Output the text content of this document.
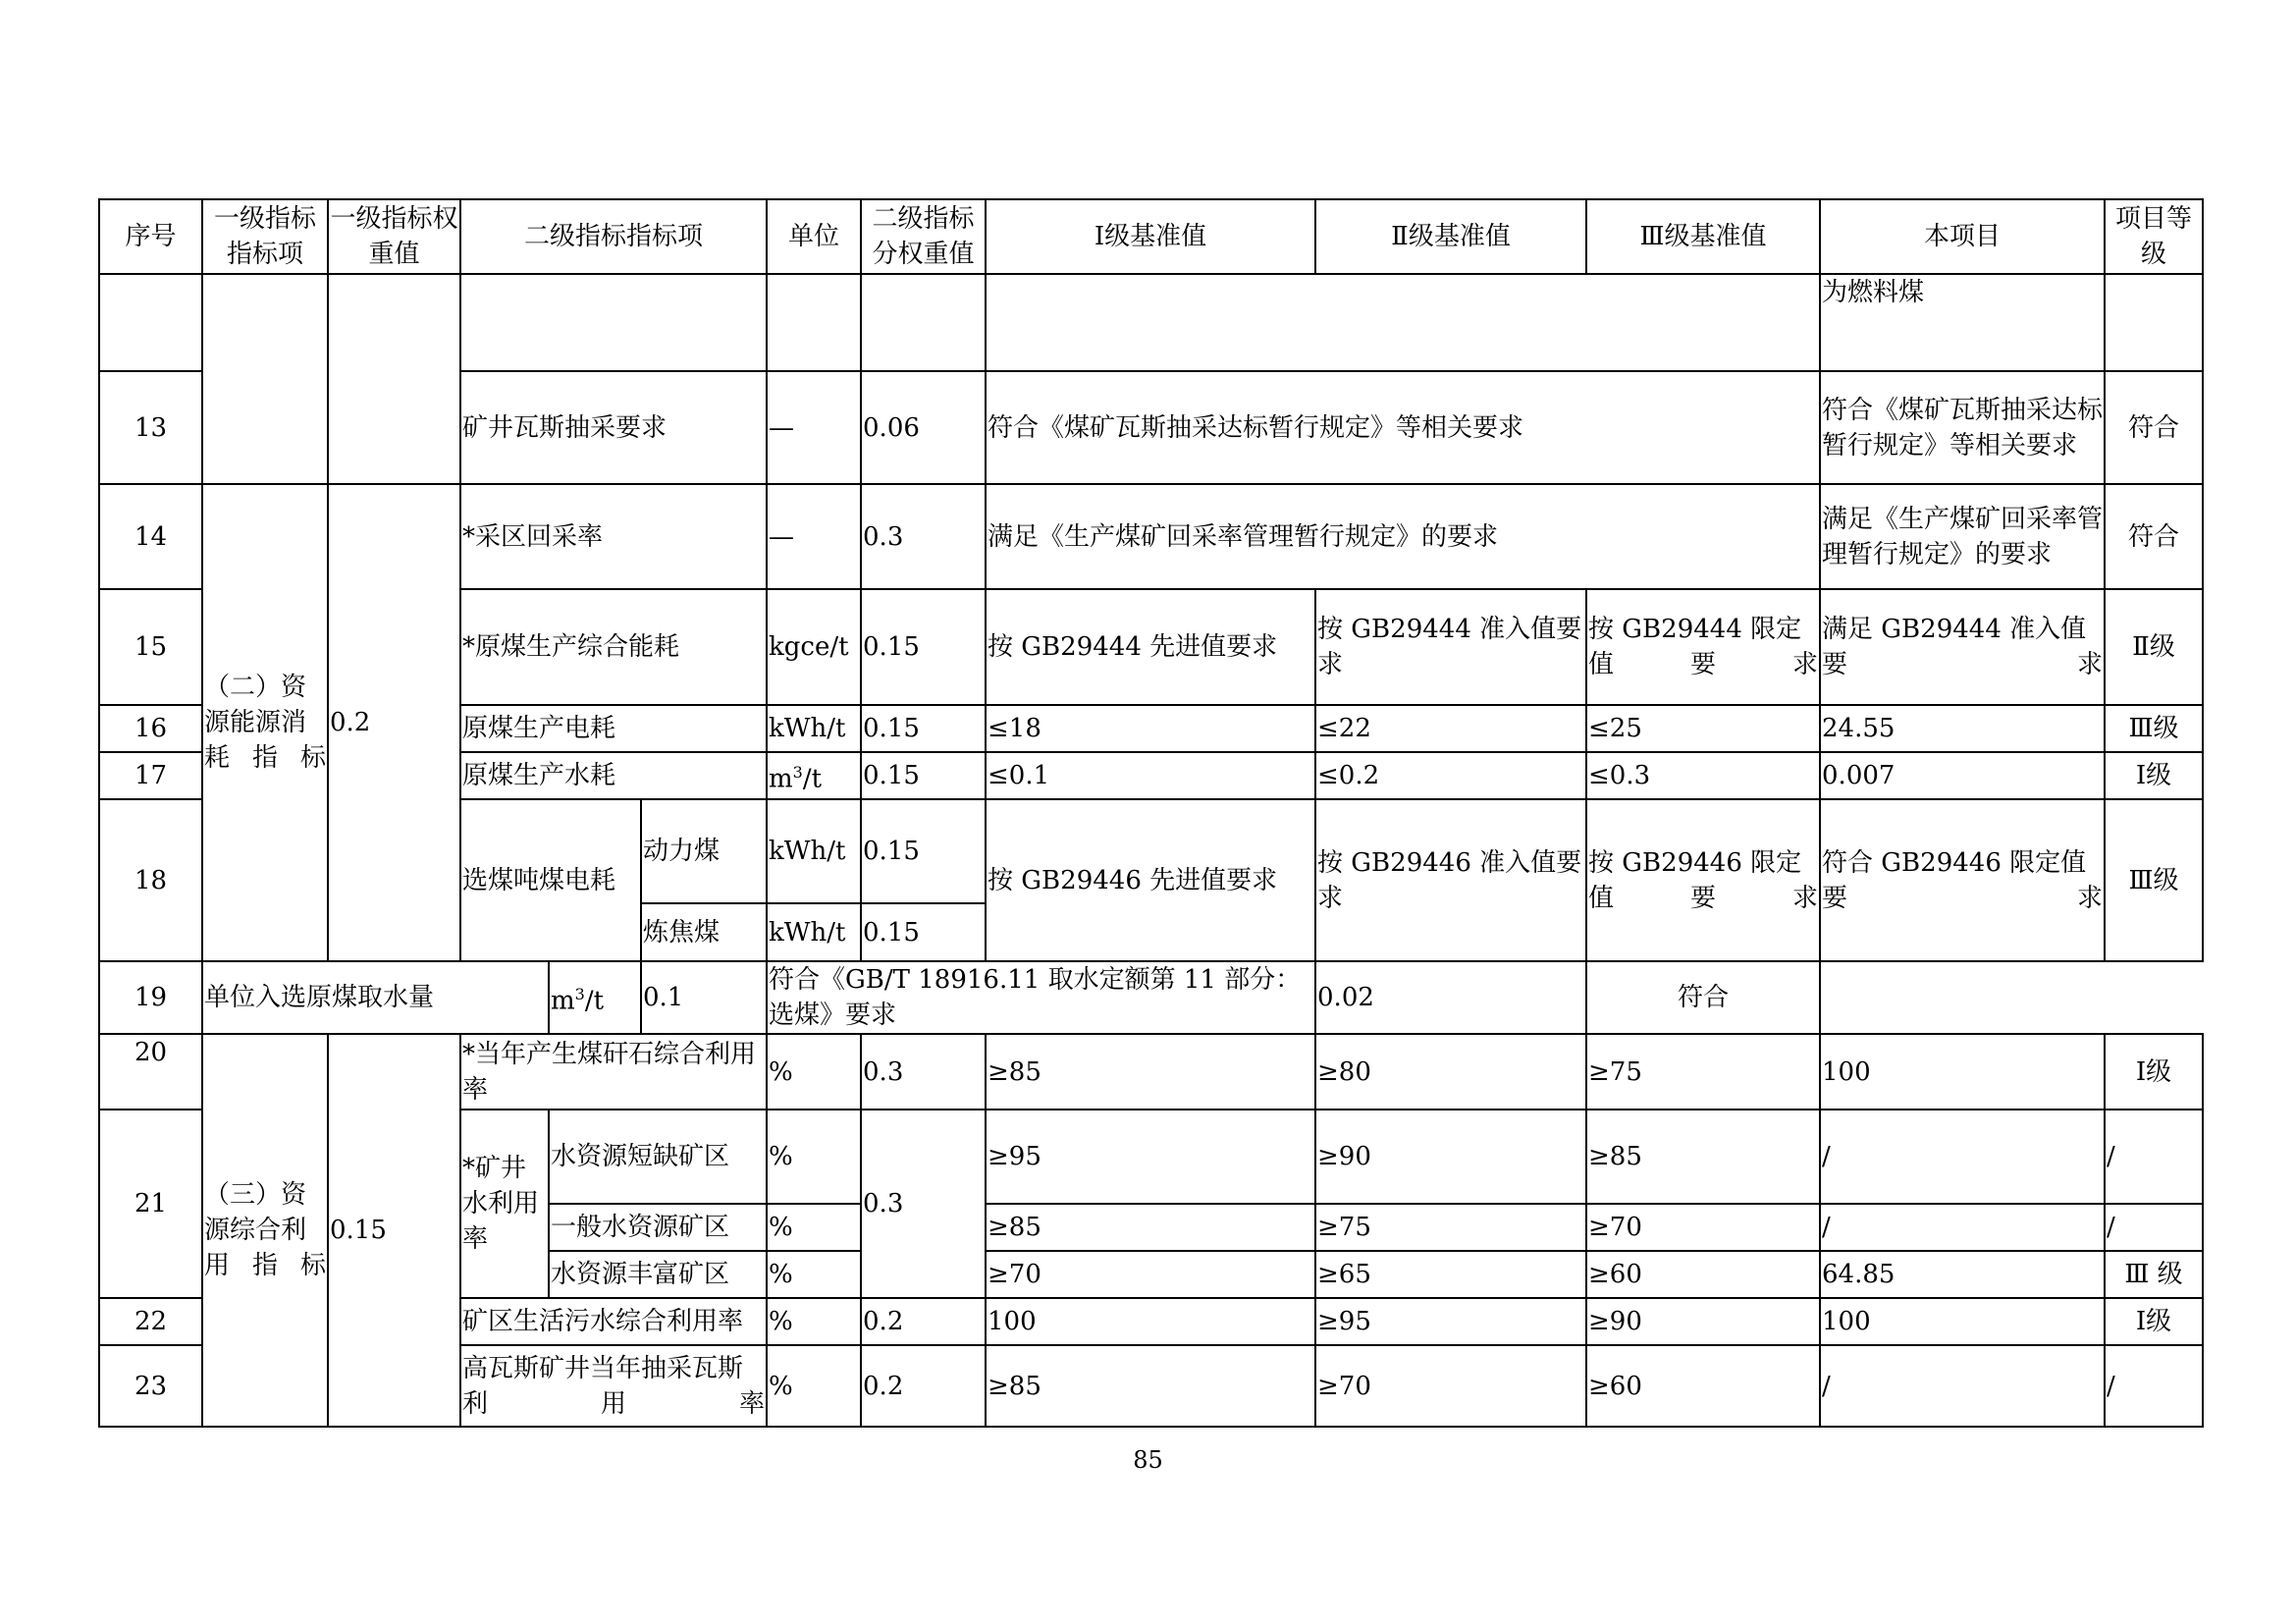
序号	一级指标指标项	一级指标权重值	二级指标指标项			单位	二级指标分权重值	Ⅰ级基准值	Ⅱ级基准值	Ⅲ级基准值	本项目	项目等级
											为燃料煤	
13			矿井瓦斯抽采要求			—	0.06	符合《煤矿瓦斯抽采达标暂行规定》等相关要求			符合《煤矿瓦斯抽采达标暂行规定》等相关要求	符合
14	（二）资源能源消耗指标	0.2	*采区回采率			—	0.3	满足《生产煤矿回采率管理暂行规定》的要求			满足《生产煤矿回采率管理暂行规定》的要求	符合
15			*原煤生产综合能耗			kgce/t	0.15	按 GB29444 先进值要求	按 GB29444 准入值要求	按 GB29444 限定值要求	满足 GB29444 准入值要求	Ⅱ级
16			原煤生产电耗			kWh/t	0.15	≤18	≤22	≤25	24.55	Ⅲ级
17			原煤生产水耗			$m^3/t$	0.15	≤0.1	≤0.2	≤0.3	0.007	Ⅰ级
18			选煤吨煤电耗		动力煤	kWh/t	0.15	按 GB29446 先进值要求	按 GB29446 准入值要求	按 GB29446 限定值要求	符合 GB29446 限定值要求	Ⅲ级
					炼焦煤	kWh/t	0.15					
19	单位入选原煤取水量			$m^3/t$	0.1	符合《GB/T 18916.11 取水定额第 11 部分：选煤》要求			0.02	符合		
20	（三）资源综合利用指标	0.15	*当年产生煤矸石综合利用率			%	0.3	≥85	≥80	≥75	100	Ⅰ级
21			*矿井水利用率	水资源短缺矿区		%	0.3	≥95	≥90	≥85	/	/
				一般水资源矿区		%		≥85	≥75	≥70	/	/
				水资源丰富矿区		%		≥70	≥65	≥60	64.85	Ⅲ 级
22			矿区生活污水综合利用率			%	0.2	100	≥95	≥90	100	Ⅰ级
23			高瓦斯矿井当年抽采瓦斯利用率			%	0.2	≥85	≥70	≥60	/	/
85
